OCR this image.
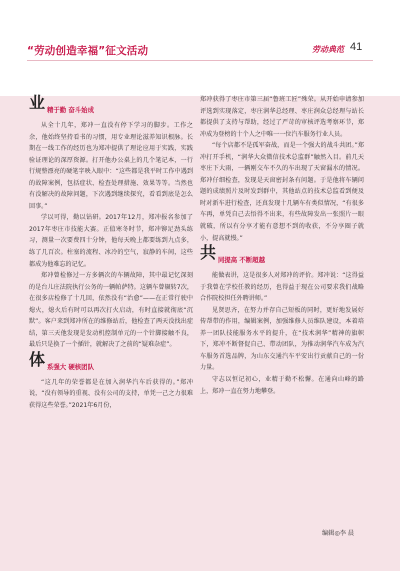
“劳动创造幸福”征文活动	劳动典范 41
业 精于勤 奋斗始成

从全十几年，郑冲一直没有停下学习的脚步。工作之余，他始终坚持看书的习惯，用专业理论滋养知识根脉。长期在一线工作的经历也为郑冲提供了理论应用于实践，实践验证理论的深厚资源。打开他办公桌上的几个笔记本，一行行规整漂亮的硬笔字映入眼中：“这些都是我平时工作中遇到的故障案例，包括症状、检查处理措施、效果等等。当然也有没解决的故障问题，下次遇到继续探究，看看到底是怎么回事。”

学以可得，勤以钻研。2017年12月，郑冲报名参加了2017年枣庄市技能大赛。正值寒冬时节，郑冲铆足劲头练习，测量一次要费四十分钟，他每天晚上都要练到九点多，练了几百次。柱塞的流程、冰冷的空气，寂静的车间，这些都成为他难忘的记忆。

郑冲曾检修过一方多辆次的车辆故障，其中最记忆深刻的是台儿庄法院执行公务的一辆帕萨特。这辆车曾辗转7次，在很多店检修了十几回，依然没有“治愈”——在正常行驶中熄火，熄火后有时可以再次打火启动，有时直接就彻底“沉默”。客户来到郑冲所在的维修站后，他检查了两天没找出症结，第三天他发现是发动机控制单元的一个针脚接触不良，最后只是换了一个插针，就解决了之前的“疑难杂症”。

体 系强大 硬核团队

“这几年的荣誉都是在加入润华汽车后获得的。”郑冲说，“没有领导的重视、没有公司的支持，单凭一己之力很难获得这些荣誉。”2021年6月份，

郑冲获得了枣庄市第三届“鲁班工匠”殊荣。从开始申请参加评选到实现落定，枣庄润华总经理、枣庄润众总经理与站长都提供了支持与帮助，经过了严苛的审核评选考察环节，郑冲成为登榜的十个人之中唯一一位汽车服务行业人员。

“每个店都不是孤军奋战，而是一个强大的战斗共团。”郑冲打开手机，“润华大众微信技术总监群”触然入目。前几天枣庄下大雨，一辆刚交车不久的车出现了天窗漏水的情况。郑冲仔细检查，发现是天窗密封条有问题。于是他将车辆问题的成绩照片及时发到群中，其他站点的技术总监看到便及时对新车进行检查，还真发现十几辆车有类似情况，“有很多车再，单凭自己去悟得不出来，有些故障发出一张照片一眼就破，所以有分享才能有意想不到的收获，不分享圈子就小，提高就慢。”

共 同提高 不断超越

能做表讲，这是很多人对郑冲的评价。郑冲说：“这得益于我曾在学校任教的经历，也得益于现在公司要求我们战略合作院校担任外聘讲师。”

见贤思齐，在努力并存自己短板的同时，更好地发展好传帮带的作用，编辑案例，加强维修人员维队建设，本着培养一团队技能服务水平的提升，在“技术润华”精神的旗帜下，郑冲不断督促自己、带动团队，为推动润华汽车成为汽车服务首选品牌，为山东交通汽车平安出行贡献自己的一份力量。

守志以恒记初心，业精于勤不松懈。在通向山峰的路上，郑冲一直在努力地攀登。

编辑◎李 晨
